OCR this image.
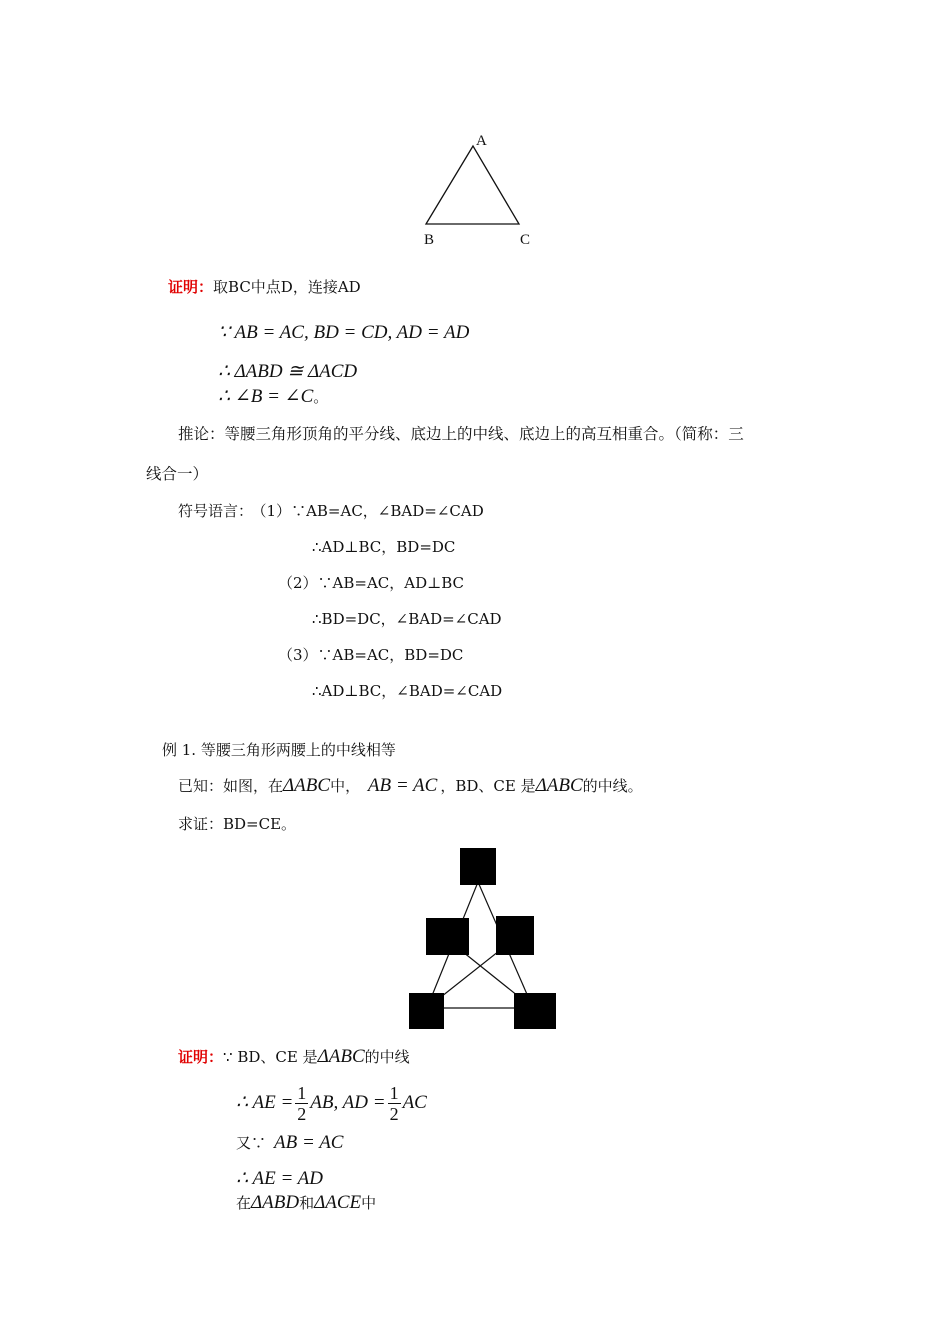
A
B	C
证明：取BC中点D，连接AD
∵ AB = AC, BD = CD, AD = AD
∴ ΔABD ≅ ΔACD
∴ ∠B = ∠C。
推论：等腰三角形顶角的平分线、底边上的中线、底边上的高互相重合。（简称：三
线合一）
符号语言： （1）∵AB=AC，∠BAD=∠CAD
∴AD⊥BC，BD=DC
（2）∵AB=AC，AD⊥BC
∴BD=DC，∠BAD=∠CAD
（3）∵AB=AC，BD=DC
∴AD⊥BC，∠BAD=∠CAD
例 1. 等腰三角形两腰上的中线相等
已知：如图，在ΔABC中， AB = AC ，BD、CE 是ΔABC的中线。
求证：BD=CE。
证明：∵ BD、CE 是ΔABC的中线
∴ AE = $\frac{1}{2}$ AB, AD = $\frac{1}{2}$ AC
又∵ AB = AC
∴ AE = AD
在ΔABD和ΔACE中
